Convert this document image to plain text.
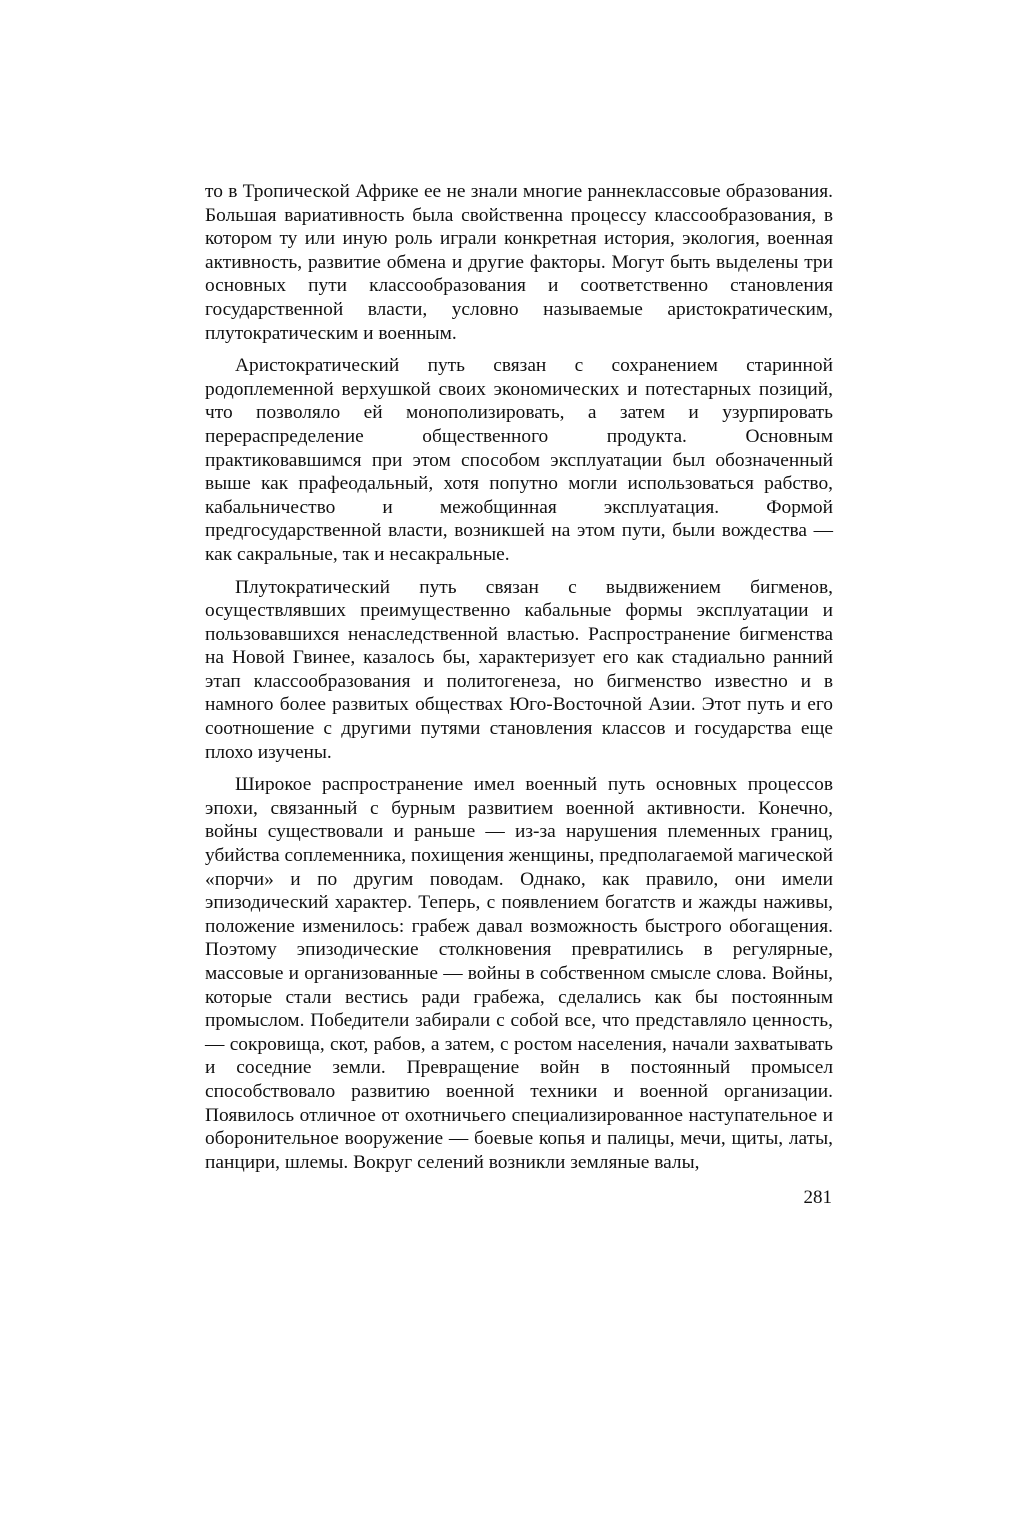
то в Тропической Африке ее не знали многие раннеклассовые образования. Большая вариативность была свойственна процессу классообразования, в котором ту или иную роль играли конкретная история, экология, военная активность, развитие обмена и другие факторы. Могут быть выделены три основных пути классообразования и соответственно становления государственной власти, условно называемые аристократическим, плутократическим и военным.

Аристократический путь связан с сохранением старинной родоплеменной верхушкой своих экономических и потестарных позиций, что позволяло ей монополизировать, а затем и узурпировать перераспределение общественного продукта. Основным практиковавшимся при этом способом эксплуатации был обозначенный выше как прафеодальный, хотя попутно могли использоваться рабство, кабальничество и межобщинная эксплуатация. Формой предгосударственной власти, возникшей на этом пути, были вождества — как сакральные, так и несакральные.

Плутократический путь связан с выдвижением бигменов, осуществлявших преимущественно кабальные формы эксплуатации и пользовавшихся ненаследственной властью. Распространение бигменства на Новой Гвинее, казалось бы, характеризует его как стадиально ранний этап классообразования и политогенеза, но бигменство известно и в намного более развитых обществах Юго-Восточной Азии. Этот путь и его соотношение с другими путями становления классов и государства еще плохо изучены.

Широкое распространение имел военный путь основных процессов эпохи, связанный с бурным развитием военной активности. Конечно, войны существовали и раньше — из-за нарушения племенных границ, убийства соплеменника, похищения женщины, предполагаемой магической «порчи» и по другим поводам. Однако, как правило, они имели эпизодический характер. Теперь, с появлением богатств и жажды наживы, положение изменилось: грабеж давал возможность быстрого обогащения. Поэтому эпизодические столкновения превратились в регулярные, массовые и организованные — войны в собственном смысле слова. Войны, которые стали вестись ради грабежа, сделались как бы постоянным промыслом. Победители забирали с собой все, что представляло ценность, — сокровища, скот, рабов, а затем, с ростом населения, начали захватывать и соседние земли. Превращение войн в постоянный промысел способствовало развитию военной техники и военной организации. Появилось отличное от охотничьего специализированное наступательное и оборонительное вооружение — боевые копья и палицы, мечи, щиты, латы, панцири, шлемы. Вокруг селений возникли земляные валы,

281
